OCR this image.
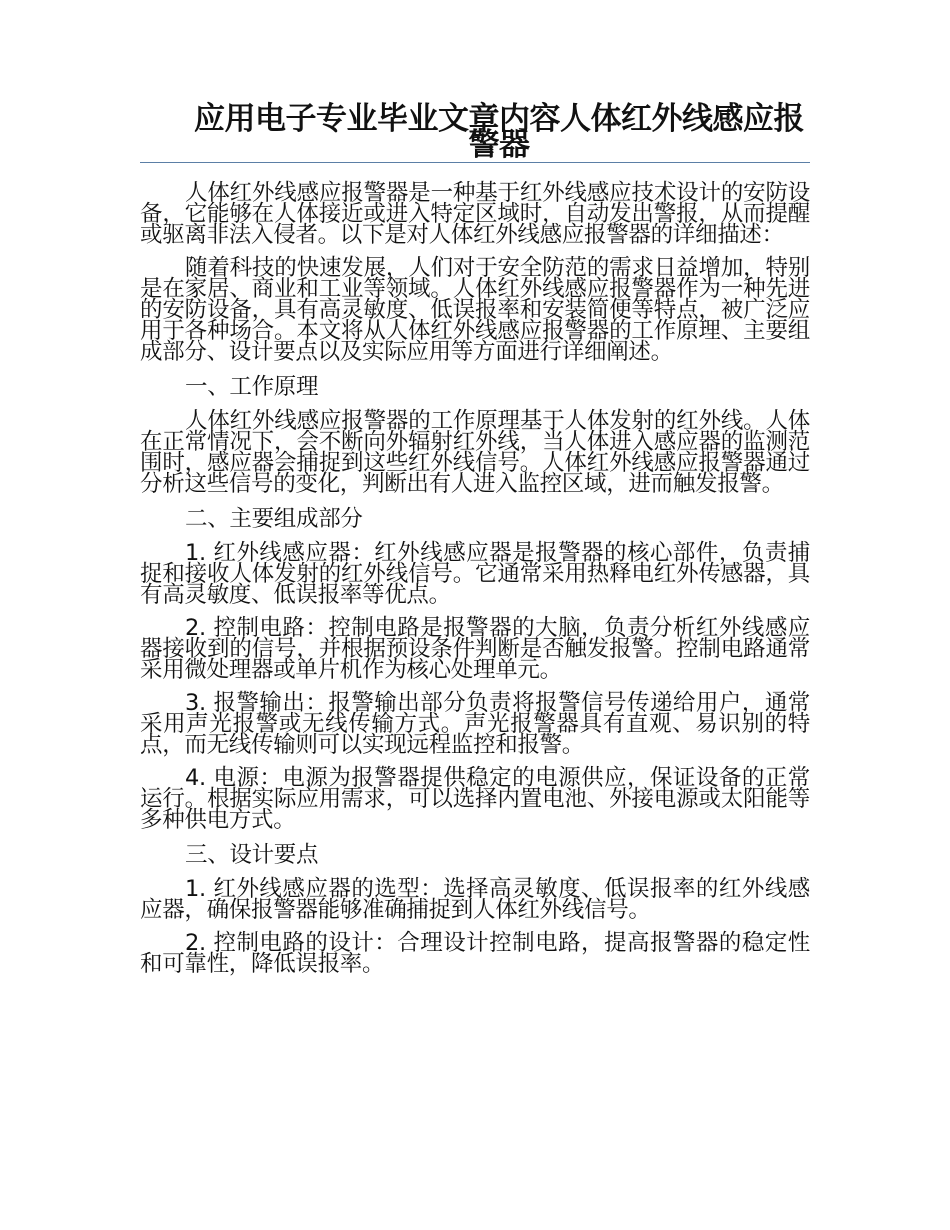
应用电子专业毕业文章内容人体红外线感应报警器

人体红外线感应报警器是一种基于红外线感应技术设计的安防设备，它能够在人体接近或进入特定区域时，自动发出警报，从而提醒或驱离非法入侵者。以下是对人体红外线感应报警器的详细描述：

随着科技的快速发展，人们对于安全防范的需求日益增加，特别是在家居、商业和工业等领域。人体红外线感应报警器作为一种先进的安防设备，具有高灵敏度、低误报率和安装简便等特点，被广泛应用于各种场合。本文将从人体红外线感应报警器的工作原理、主要组成部分、设计要点以及实际应用等方面进行详细阐述。

一、工作原理

人体红外线感应报警器的工作原理基于人体发射的红外线。人体在正常情况下，会不断向外辐射红外线，当人体进入感应器的监测范围时，感应器会捕捉到这些红外线信号。人体红外线感应报警器通过分析这些信号的变化，判断出有人进入监控区域，进而触发报警。

二、主要组成部分

1. 红外线感应器：红外线感应器是报警器的核心部件，负责捕捉和接收人体发射的红外线信号。它通常采用热释电红外传感器，具有高灵敏度、低误报率等优点。

2. 控制电路：控制电路是报警器的大脑，负责分析红外线感应器接收到的信号，并根据预设条件判断是否触发报警。控制电路通常采用微处理器或单片机作为核心处理单元。

3. 报警输出：报警输出部分负责将报警信号传递给用户，通常采用声光报警或无线传输方式。声光报警器具有直观、易识别的特点，而无线传输则可以实现远程监控和报警。

4. 电源：电源为报警器提供稳定的电源供应，保证设备的正常运行。根据实际应用需求，可以选择内置电池、外接电源或太阳能等多种供电方式。

三、设计要点

1. 红外线感应器的选型：选择高灵敏度、低误报率的红外线感应器，确保报警器能够准确捕捉到人体红外线信号。

2. 控制电路的设计：合理设计控制电路，提高报警器的稳定性和可靠性，降低误报率。
